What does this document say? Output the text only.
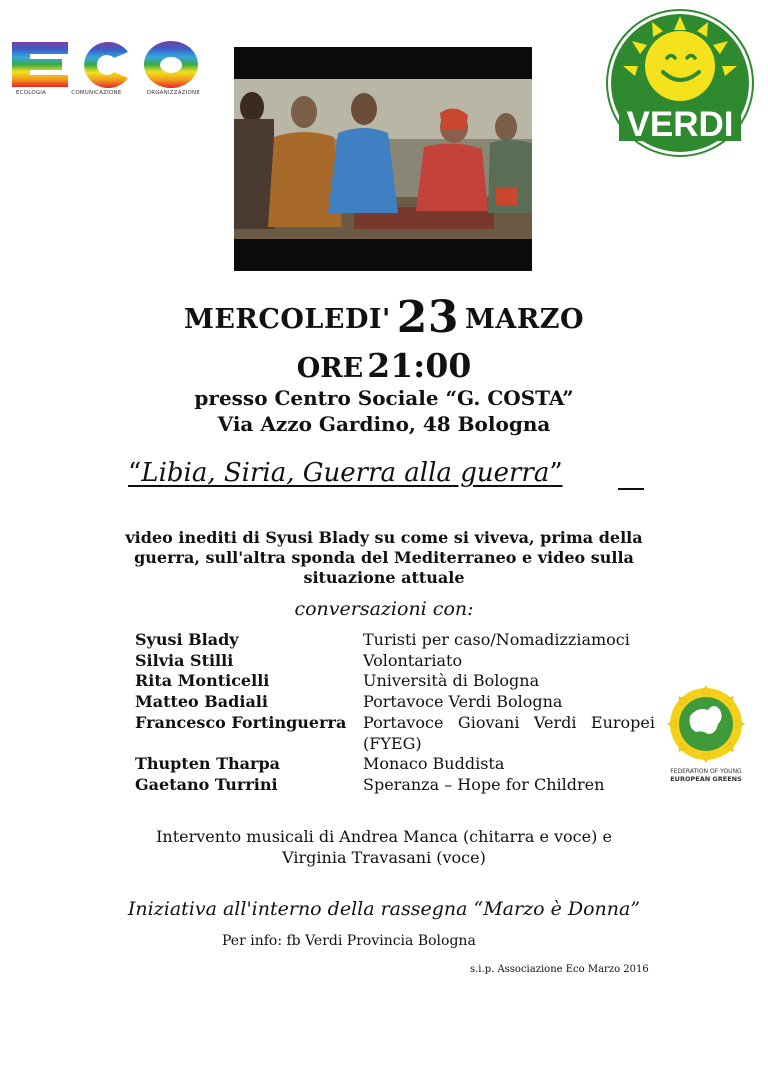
ECOLOGIA	COMUNICAZIONE	ORGANIZZAZIONE
VERDI
MERCOLEDI' 23 MARZO
ORE 21:00
presso Centro Sociale “G. COSTA”
Via Azzo Gardino, 48 Bologna
“Libia, Siria, Guerra alla guerra”
video inediti di Syusi Blady su come si viveva, prima della guerra, sull'altra sponda del Mediterraneo e video sulla situazione attuale
conversazioni con:
Syusi Blady	Turisti per caso/Nomadizziamoci
Silvia Stilli	Volontariato
Rita Monticelli	Università di Bologna
Matteo Badiali	Portavoce Verdi Bologna
Francesco Fortinguerra	Portavoce Giovani Verdi Europei (FYEG)
Thupten Tharpa	Monaco Buddista
Gaetano Turrini	Speranza – Hope for Children
FEDERATION OF YOUNG
EUROPEAN GREENS
Intervento musicali di Andrea Manca (chitarra e voce) e
Virginia Travasani (voce)
Iniziativa all'interno della rassegna “Marzo è Donna”
Per info: fb Verdi Provincia Bologna
s.i.p. Associazione Eco Marzo 2016
